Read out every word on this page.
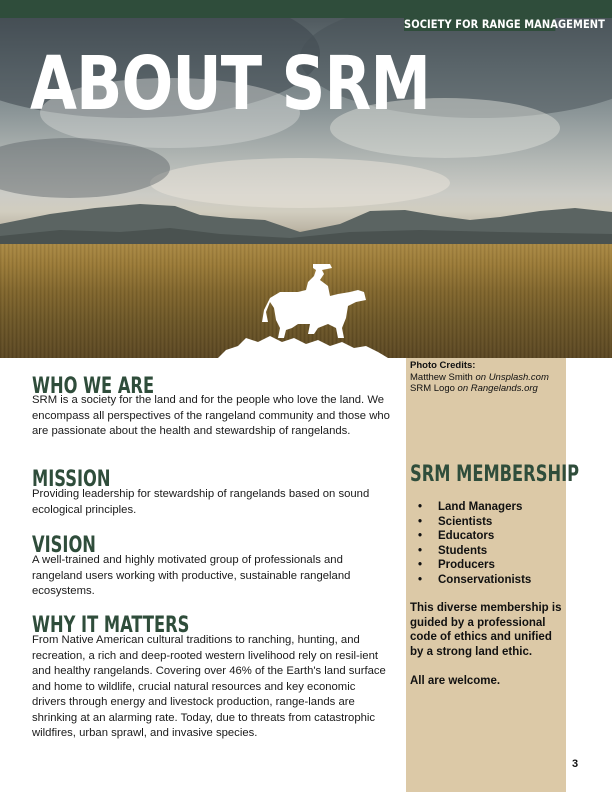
SOCIETY FOR RANGE MANAGEMENT
ABOUT SRM
WHO WE ARE
SRM is a society for the land and for the people who love the land. We encompass all perspectives of the rangeland community and those who are passionate about the health and stewardship of rangelands.
MISSION
Providing leadership for stewardship of rangelands based on sound ecological principles.
VISION
A well-trained and highly motivated group of professionals and rangeland users working with productive, sustainable rangeland ecosystems.
WHY IT MATTERS
From Native American cultural traditions to ranching, hunting, and recreation, a rich and deep-rooted western livelihood rely on resil-ient and healthy rangelands. Covering over 46% of the Earth's land surface and home to wildlife, crucial natural resources and key economic drivers through energy and livestock production, range-lands are shrinking at an alarming rate. Today, due to threats from catastrophic wildfires, urban sprawl, and invasive species.
Photo Credits:
Matthew Smith on Unsplash.com
SRM Logo on Rangelands.org
SRM MEMBERSHIP
• Land Managers
• Scientists
• Educators
• Students
• Producers
• Conservationists
This diverse membership is guided by a professional code of ethics and unified by a strong land ethic.
All are welcome.
3
